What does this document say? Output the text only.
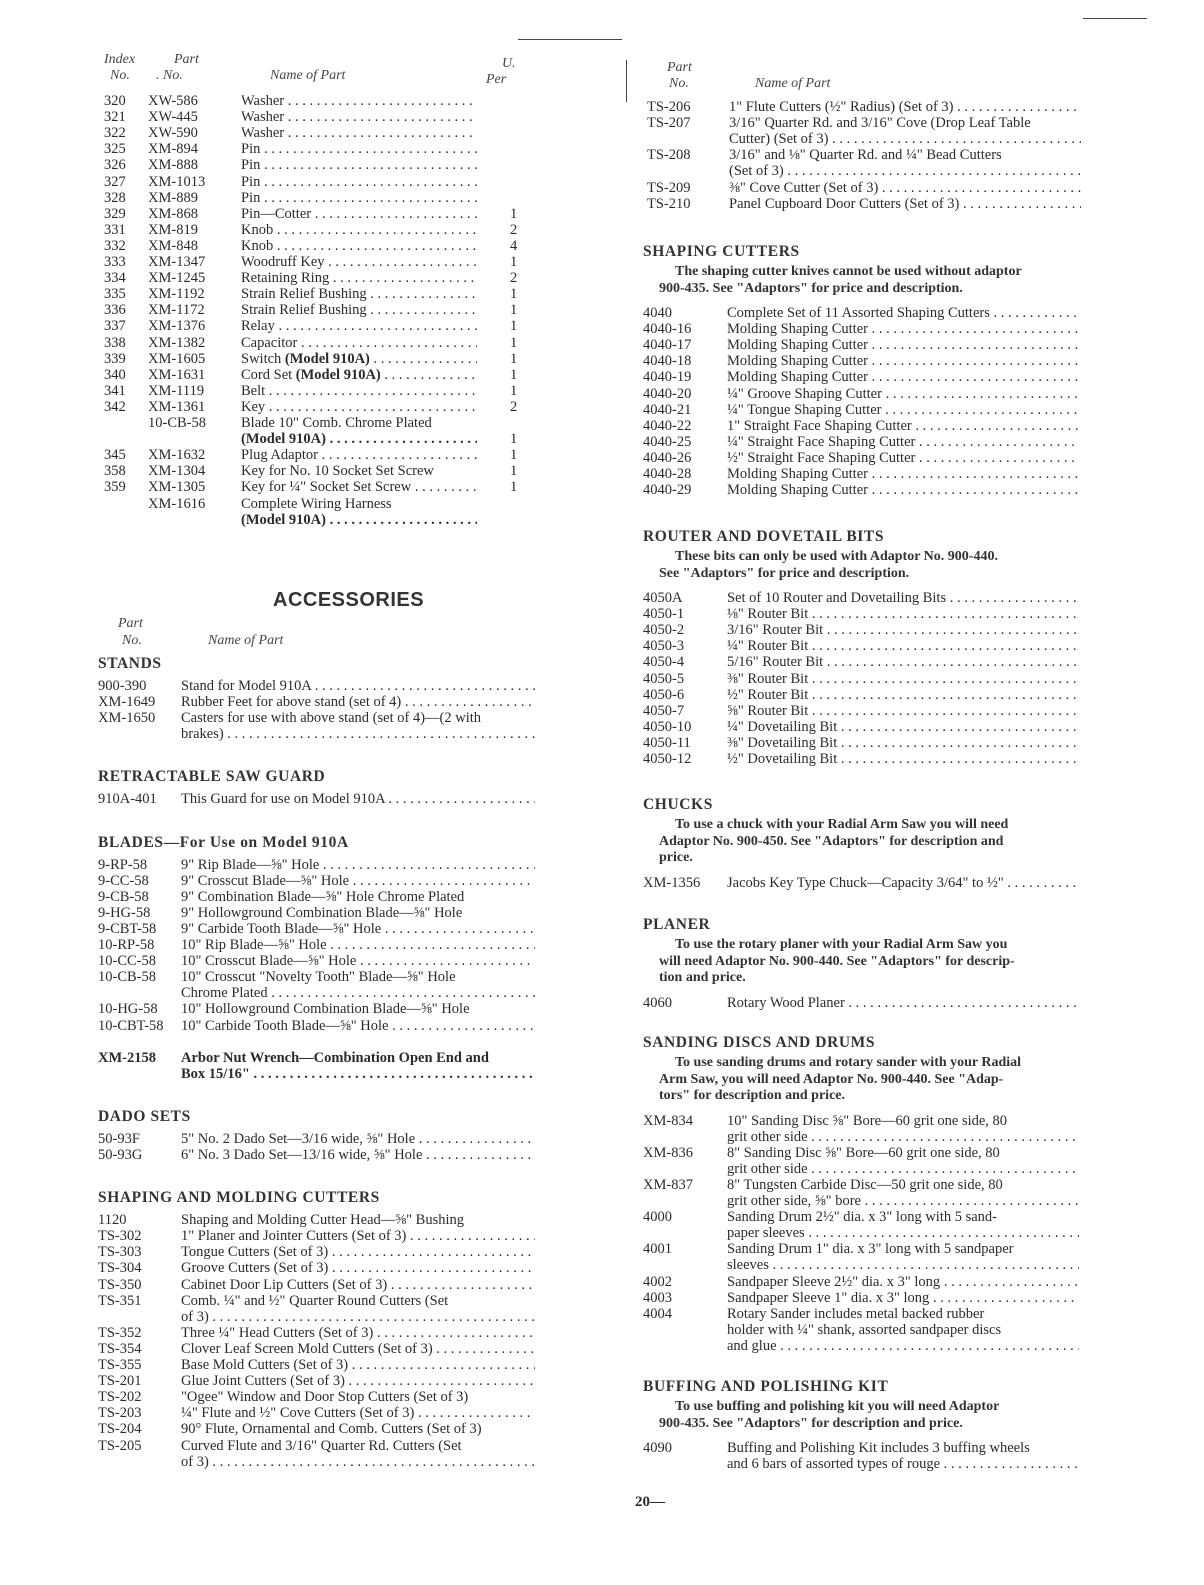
Index
No.
Part
. No.	Name of Part
U.
Per
320	XW-586	Washer . . .
321	XW-445	Washer . . .
322	XW-590	Washer . . .
325	XM-894	Pin . . .
326	XM-888	Pin . . .
327	XM-1013	Pin . . .
328	XM-889	Pin . . .
329	XM-868	Pin—Cotter . . .	1
331	XM-819	Knob . . .	2
332	XM-848	Knob . . .	4
333	XM-1347	Woodruff Key . . .	1
334	XM-1245	Retaining Ring . . .	2
335	XM-1192	Strain Relief Bushing . . .	1
336	XM-1172	Strain Relief Bushing . . .	1
337	XM-1376	Relay . . .	1
338	XM-1382	Capacitor . . .	1
339	XM-1605	Switch (Model 910A) . . .	1
340	XM-1631	Cord Set (Model 910A) . . .	1
341	XM-1119	Belt . . .	1
342	XM-1361	Key . . .	2
10-CB-58	Blade 10" Comb. Chrome Plated
(Model 910A) . . .	1
345	XM-1632	Plug Adaptor . . .	1
358	XM-1304	Key for No. 10 Socket Set Screw	1
359	XM-1305	Key for ¼" Socket Set Screw . . .	1
XM-1616	Complete Wiring Harness
(Model 910A) . . .
ACCESSORIES
Part
No.	Name of Part
STANDS
900-390	Stand for Model 910A . . .
XM-1649	Rubber Feet for above stand (set of 4) . . .
XM-1650	Casters for use with above stand (set of 4)—(2 with
brakes) . . .
RETRACTABLE SAW GUARD
910A-401	This Guard for use on Model 910A . . .
BLADES—For Use on Model 910A
9-RP-58	9" Rip Blade—⅝" Hole . . .
9-CC-58	9" Crosscut Blade—⅝" Hole . . .
9-CB-58	9" Combination Blade—⅝" Hole Chrome Plated
9-HG-58	9" Hollowground Combination Blade—⅝" Hole
9-CBT-58	9" Carbide Tooth Blade—⅝" Hole . . .
10-RP-58	10" Rip Blade—⅝" Hole . . .
10-CC-58	10" Crosscut Blade—⅝" Hole . . .
10-CB-58	10" Crosscut "Novelty Tooth" Blade—⅝" Hole
Chrome Plated . . .
10-HG-58	10" Hollowground Combination Blade—⅝" Hole
10-CBT-58	10" Carbide Tooth Blade—⅝" Hole . . .
XM-2158	Arbor Nut Wrench—Combination Open End and
Box 15/16" . . .
DADO SETS
50-93F	5" No. 2 Dado Set—3/16 wide, ⅝" Hole . . .
50-93G	6" No. 3 Dado Set—13/16 wide, ⅝" Hole . . .
SHAPING AND MOLDING CUTTERS
1120	Shaping and Molding Cutter Head—⅝" Bushing
TS-302	1" Planer and Jointer Cutters (Set of 3) . . .
TS-303	Tongue Cutters (Set of 3) . . .
TS-304	Groove Cutters (Set of 3) . . .
TS-350	Cabinet Door Lip Cutters (Set of 3) . . .
TS-351	Comb. ¼" and ½" Quarter Round Cutters (Set
of 3) . . .
TS-352	Three ¼" Head Cutters (Set of 3) . . .
TS-354	Clover Leaf Screen Mold Cutters (Set of 3) . . .
TS-355	Base Mold Cutters (Set of 3) . . .
TS-201	Glue Joint Cutters (Set of 3) . . .
TS-202	"Ogee" Window and Door Stop Cutters (Set of 3)
TS-203	¼" Flute and ½" Cove Cutters (Set of 3) . . .
TS-204	90° Flute, Ornamental and Comb. Cutters (Set of 3)
TS-205	Curved Flute and 3/16" Quarter Rd. Cutters (Set
of 3) . . .
Part
No.	Name of Part
TS-206	1" Flute Cutters (½" Radius) (Set of 3) . . .
TS-207	3/16" Quarter Rd. and 3/16" Cove (Drop Leaf Table
Cutter) (Set of 3) . . .
TS-208	3/16" and ⅛" Quarter Rd. and ¼" Bead Cutters
(Set of 3) . . .
TS-209	⅜" Cove Cutter (Set of 3) . . .
TS-210	Panel Cupboard Door Cutters (Set of 3) . . .
SHAPING CUTTERS
The shaping cutter knives cannot be used without adaptor
900-435. See "Adaptors" for price and description.
4040	Complete Set of 11 Assorted Shaping Cutters . . .
4040-16	Molding Shaping Cutter . . .
4040-17	Molding Shaping Cutter . . .
4040-18	Molding Shaping Cutter . . .
4040-19	Molding Shaping Cutter . . .
4040-20	¼" Groove Shaping Cutter . . .
4040-21	¼" Tongue Shaping Cutter . . .
4040-22	1" Straight Face Shaping Cutter . . .
4040-25	¼" Straight Face Shaping Cutter . . .
4040-26	½" Straight Face Shaping Cutter . . .
4040-28	Molding Shaping Cutter . . .
4040-29	Molding Shaping Cutter . . .
ROUTER AND DOVETAIL BITS
These bits can only be used with Adaptor No. 900-440.
See "Adaptors" for price and description.
4050A	Set of 10 Router and Dovetailing Bits . . .
4050-1	⅛" Router Bit . . .
4050-2	3/16" Router Bit . . .
4050-3	¼" Router Bit . . .
4050-4	5/16" Router Bit . . .
4050-5	⅜" Router Bit . . .
4050-6	½" Router Bit . . .
4050-7	⅝" Router Bit . . .
4050-10	¼" Dovetailing Bit . . .
4050-11	⅜" Dovetailing Bit . . .
4050-12	½" Dovetailing Bit . . .
CHUCKS
To use a chuck with your Radial Arm Saw you will need
Adaptor No. 900-450. See "Adaptors" for description and
price.
XM-1356	Jacobs Key Type Chuck—Capacity 3/64" to ½" . . .
PLANER
To use the rotary planer with your Radial Arm Saw you
will need Adaptor No. 900-440. See "Adaptors" for descrip-
tion and price.
4060	Rotary Wood Planer . . .
SANDING DISCS AND DRUMS
To use sanding drums and rotary sander with your Radial
Arm Saw, you will need Adaptor No. 900-440. See "Adap-
tors" for description and price.
XM-834	10" Sanding Disc ⅝" Bore—60 grit one side, 80
grit other side . . .
XM-836	8" Sanding Disc ⅝" Bore—60 grit one side, 80
grit other side . . .
XM-837	8" Tungsten Carbide Disc—50 grit one side, 80
grit other side, ⅝" bore . . .
4000	Sanding Drum 2½" dia. x 3" long with 5 sand-
paper sleeves . . .
4001	Sanding Drum 1" dia. x 3" long with 5 sandpaper
sleeves . . .
4002	Sandpaper Sleeve 2½" dia. x 3" long . . .
4003	Sandpaper Sleeve 1" dia. x 3" long . . .
4004	Rotary Sander includes metal backed rubber
holder with ¼" shank, assorted sandpaper discs
and glue . . .
BUFFING AND POLISHING KIT
To use buffing and polishing kit you will need Adaptor
900-435. See "Adaptors" for description and price.
4090	Buffing and Polishing Kit includes 3 buffing wheels
and 6 bars of assorted types of rouge . . .
20—
